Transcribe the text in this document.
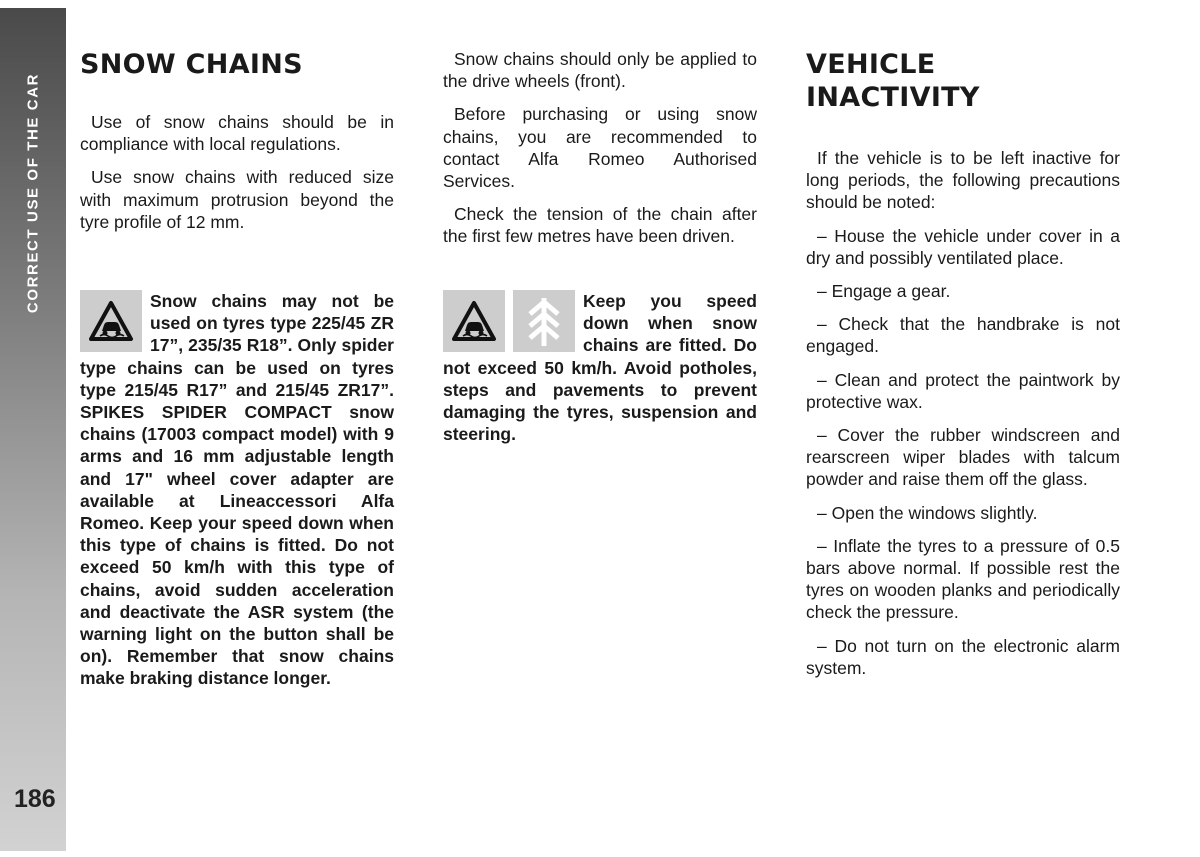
CORRECT USE OF THE CAR
186
SNOW CHAINS

Use of snow chains should be in compliance with local regulations.

Use snow chains with reduced size with maximum protrusion beyond the tyre profile of 12 mm.

Snow chains may not be used on tyres type 225/45 ZR 17”, 235/35 R18”. Only spider type chains can be used on tyres type 215/45 R17” and 215/45 ZR17”. SPIKES SPIDER COMPACT snow chains (17003 compact model) with 9 arms and 16 mm adjustable length and 17" wheel cover adapter are available at Lineaccessori Alfa Romeo. Keep your speed down when this type of chains is fitted. Do not exceed 50 km/h with this type of chains, avoid sudden acceleration and deactivate the ASR system (the warning light on the button shall be on). Remember that snow chains make braking distance longer.

Snow chains should only be applied to the drive wheels (front).

Before purchasing or using snow chains, you are recommended to contact Alfa Romeo Authorised Services.

Check the tension of the chain after the first few metres have been driven.

Keep you speed down when snow chains are fitted. Do not exceed 50 km/h. Avoid potholes, steps and pavements to prevent damaging the tyres, suspension and steering.
VEHICLE
INACTIVITY

If the vehicle is to be left inactive for long periods, the following precautions should be noted:

– House the vehicle under cover in a dry and possibly ventilated place.

– Engage a gear.

– Check that the handbrake is not engaged.

– Clean and protect the paintwork by protective wax.

– Cover the rubber windscreen and rearscreen wiper blades with talcum powder and raise them off the glass.

– Open the windows slightly.

– Inflate the tyres to a pressure of 0.5 bars above normal. If possible rest the tyres on wooden planks and periodically check the pressure.

– Do not turn on the electronic alarm system.
